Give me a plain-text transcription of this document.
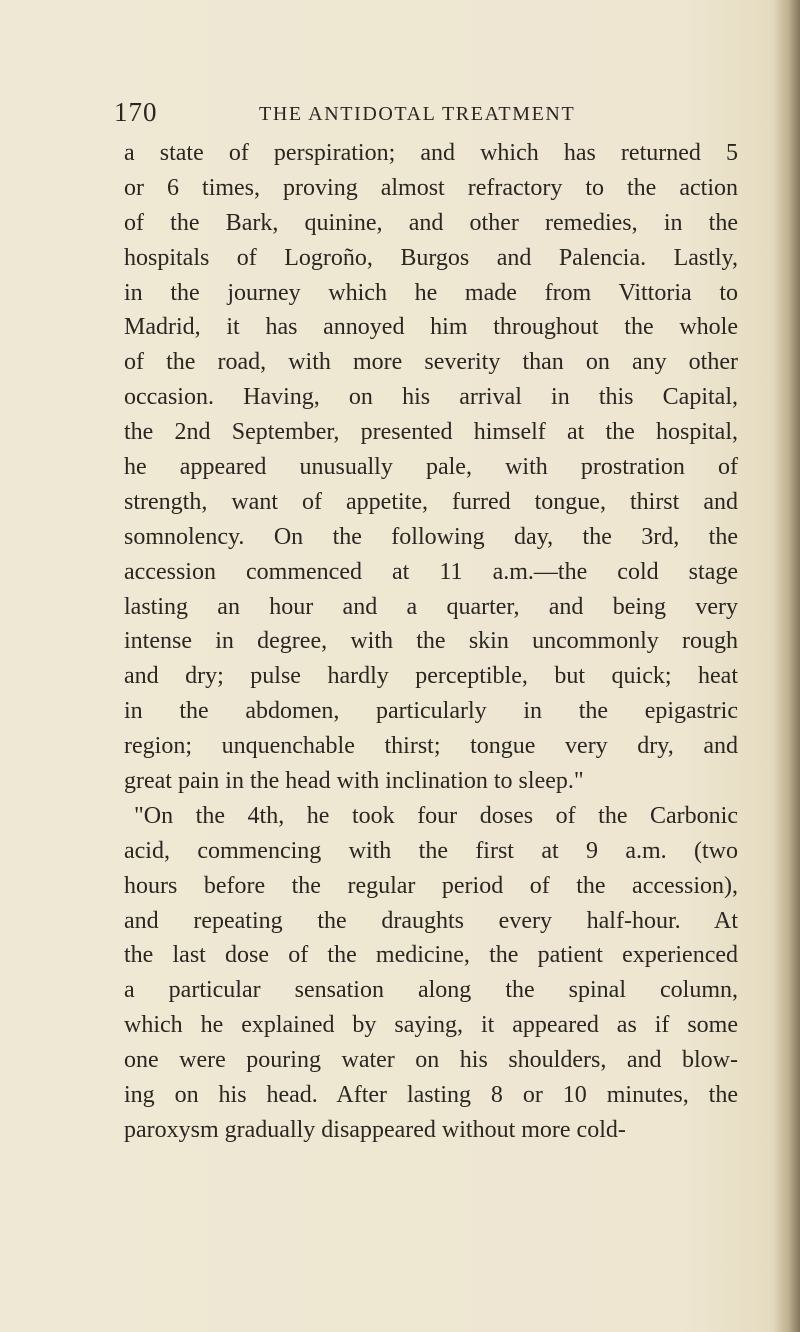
170	THE ANTIDOTAL TREATMENT
a state of perspiration; and which has returned 5
or 6 times, proving almost refractory to the action
of the Bark, quinine, and other remedies, in the
hospitals of Logroño, Burgos and Palencia. Lastly,
in the journey which he made from Vittoria to
Madrid, it has annoyed him throughout the whole
of the road, with more severity than on any other
occasion. Having, on his arrival in this Capital,
the 2nd September, presented himself at the hospital,
he appeared unusually pale, with prostration of
strength, want of appetite, furred tongue, thirst and
somnolency. On the following day, the 3rd, the
accession commenced at 11 a.m.—the cold stage
lasting an hour and a quarter, and being very
intense in degree, with the skin uncommonly rough
and dry; pulse hardly perceptible, but quick; heat
in the abdomen, particularly in the epigastric
region; unquenchable thirst; tongue very dry, and
great pain in the head with inclination to sleep."
"On the 4th, he took four doses of the Carbonic
acid, commencing with the first at 9 a.m. (two
hours before the regular period of the accession),
and repeating the draughts every half-hour. At
the last dose of the medicine, the patient experienced
a particular sensation along the spinal column,
which he explained by saying, it appeared as if some
one were pouring water on his shoulders, and blow-
ing on his head. After lasting 8 or 10 minutes, the
paroxysm gradually disappeared without more cold-
